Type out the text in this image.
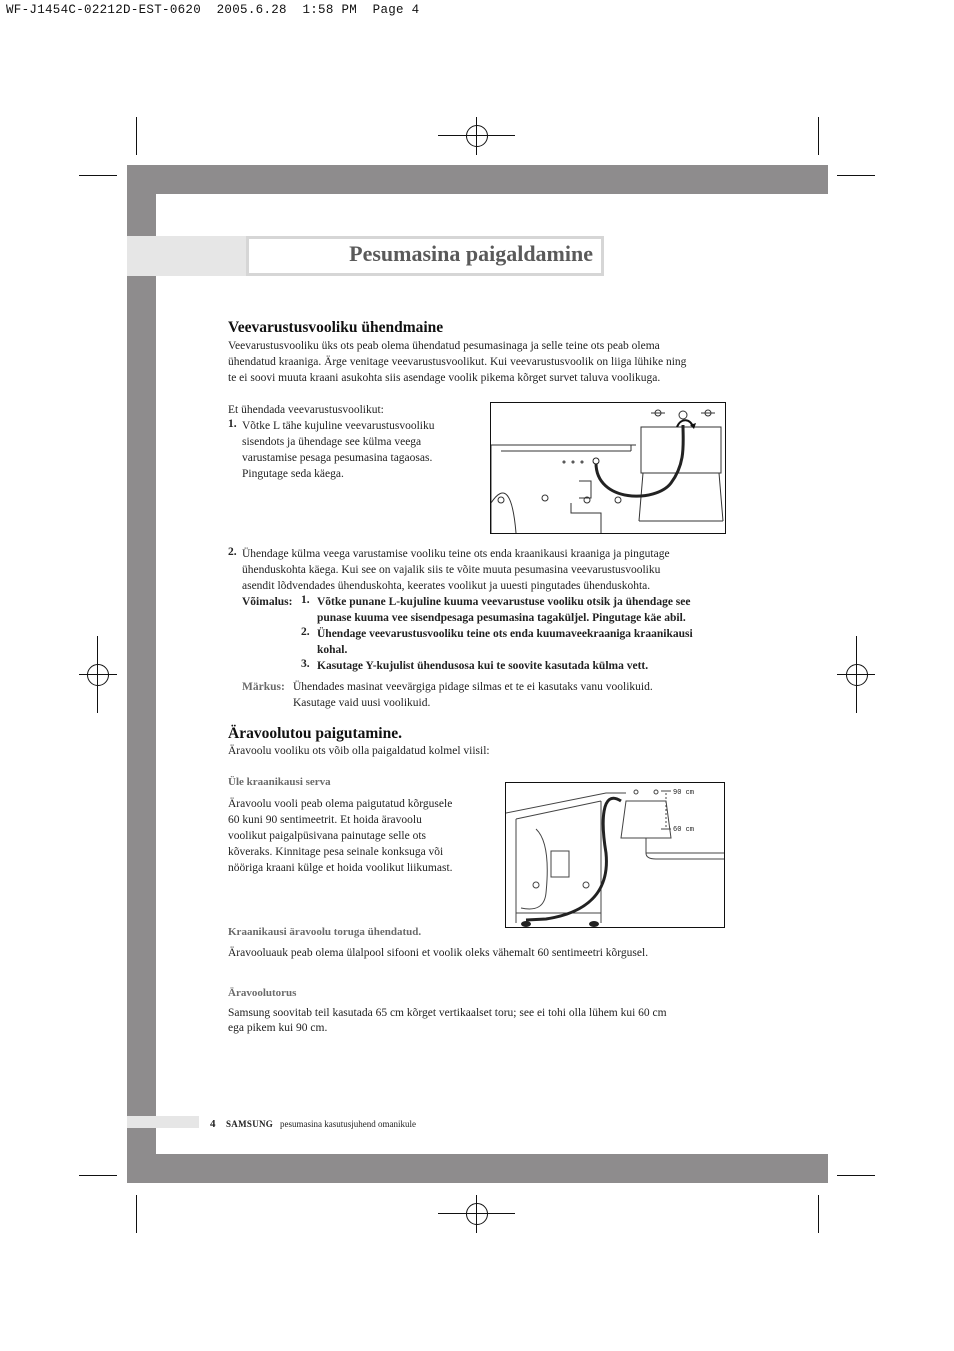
WF-J1454C-02212D-EST-0620  2005.6.28  1:58 PM  Page 4
Pesumasina paigaldamine
Veevarustusvooliku ühendmaine

Veevarustusvooliku üks ots peab olema ühendatud pesumasinaga ja selle teine ots peab olema

ühendatud kraaniga. Ärge venitage veevarustusvoolikut. Kui veevarustusvoolik on liiga lühike ning

te ei soovi muuta kraani asukohta siis asendage voolik pikema kõrget survet taluva voolikuga.

Et ühendada veevarustusvoolikut:

1. Võtke L tähe kujuline veevarustusvooliku

sisendots ja ühendage see külma veega

varustamise pesaga pesumasina tagaosas.

Pingutage seda käega.

2. Ühendage külma veega varustamise vooliku teine ots enda kraanikausi kraaniga ja pingutage

ühenduskohta käega. Kui see on vajalik siis te võite muuta pesumasina veevarustusvooliku

asendit lõdvendades ühenduskohta, keerates voolikut ja uuesti pingutades ühenduskohta.

Võimalus: 1. Võtke punane L-kujuline kuuma veevarustuse vooliku otsik ja ühendage see

punase kuuma vee sisendpesaga pesumasina tagaküljel. Pingutage käe abil.

2. Ühendage veevarustusvooliku teine ots enda kuumaveekraaniga kraanikausi

kohal.

3. Kasutage Y-kujulist ühendusosa kui te soovite kasutada külma vett.

Märkus: Ühendades masinat veevärgiga pidage silmas et te ei kasutaks vanu voolikuid.

Kasutage vaid uusi voolikuid.

Äravoolutou paigutamine.

Äravoolu vooliku ots võib olla paigaldatud kolmel viisil:

Üle kraanikausi serva

Äravoolu vooli peab olema paigutatud kõrgusele

60 kuni 90 sentimeetrit. Et hoida äravoolu

voolikut paigalpüsivana painutage selle ots

kõveraks. Kinnitage pesa seinale konksuga või

nööriga kraani külge et hoida voolikut liikumast.

90 cm
60 cm
Kraanikausi äravoolu toruga ühendatud.

Äravooluauk peab olema ülalpool sifooni et voolik oleks vähemalt 60 sentimeetri kõrgusel.

Äravoolutorus

Samsung soovitab teil kasutada 65 cm kõrget vertikaalset toru; see ei tohi olla lühem kui 60 cm

ega pikem kui 90 cm.

4 SAMSUNG pesumasina kasutusjuhend omanikule
